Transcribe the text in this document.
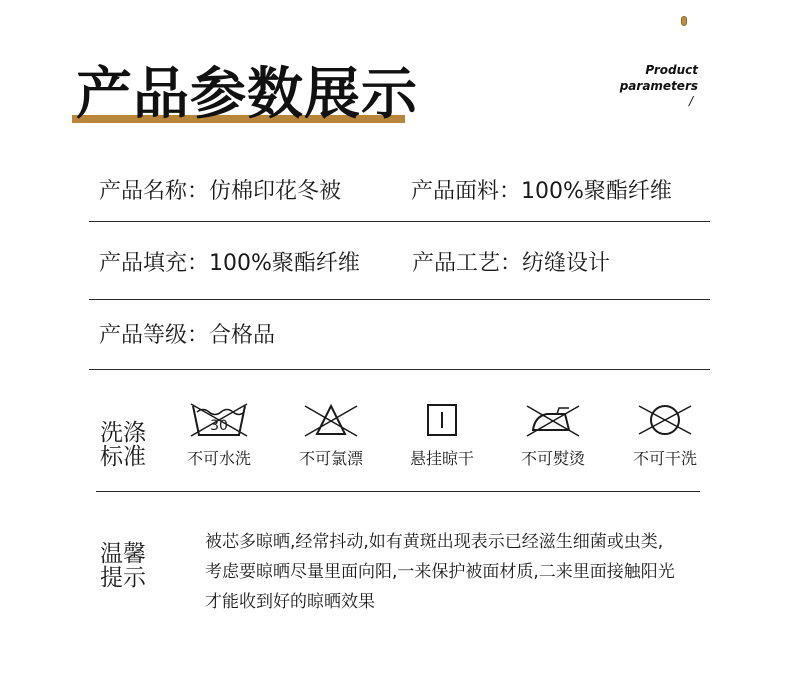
产品参数展示	Product
parameters
/
产品名称：仿棉印花冬被	产品面料：100%聚酯纤维
产品填充：100%聚酯纤维 产品工艺：纺缝设计
产品等级：合格品
洗涤
标准
30
不可水洗	不可氯漂	悬挂晾干	不可熨烫	不可干洗
温馨
提示
被芯多晾晒,经常抖动,如有黄斑出现表示已经滋生细菌或虫类,
考虑要晾晒尽量里面向阳,一来保护被面材质,二来里面接触阳光
才能收到好的晾晒效果
